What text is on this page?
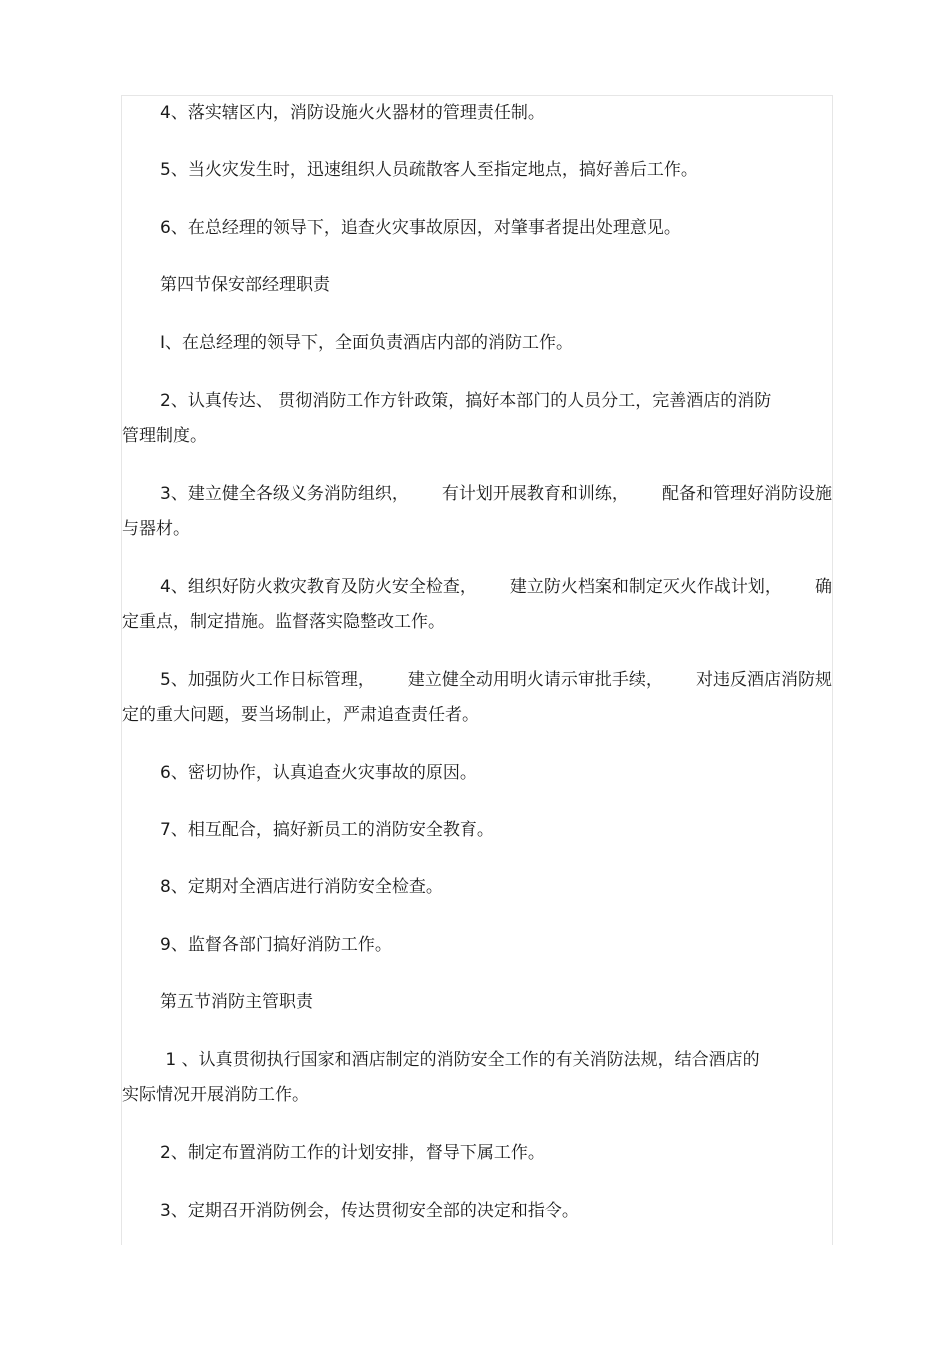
4、落实辖区内，消防设施火火器材的管理责任制。
5、当火灾发生时，迅速组织人员疏散客人至指定地点，搞好善后工作。
6、在总经理的领导下，追查火灾事故原因，对肇事者提出处理意见。
第四节保安部经理职责
I、在总经理的领导下，全面负责酒店内部的消防工作。
2、认真传达、 贯彻消防工作方针政策，搞好本部门的人员分工，完善酒店的消防
管理制度。
3、建立健全各级义务消防组织， 有计划开展教育和训练， 配备和管理好消防设施
与器材。
4、组织好防火救灾教育及防火安全检查， 建立防火档案和制定灭火作战计划， 确
定重点，制定措施。监督落实隐整改工作。
5、加强防火工作日标管理， 建立健全动用明火请示审批手续， 对违反酒店消防规
定的重大问题，要当场制止，严肃追查责任者。
6、密切协作，认真追查火灾事故的原因。
7、相互配合，搞好新员工的消防安全教育。
8、定期对全酒店进行消防安全检查。
9、监督各部门搞好消防工作。
第五节消防主管职责
1 、认真贯彻执行国家和酒店制定的消防安全工作的有关消防法规，结合酒店的
实际情况开展消防工作。
2、制定布置消防工作的计划安排，督导下属工作。
3、定期召开消防例会，传达贯彻安全部的决定和指令。
